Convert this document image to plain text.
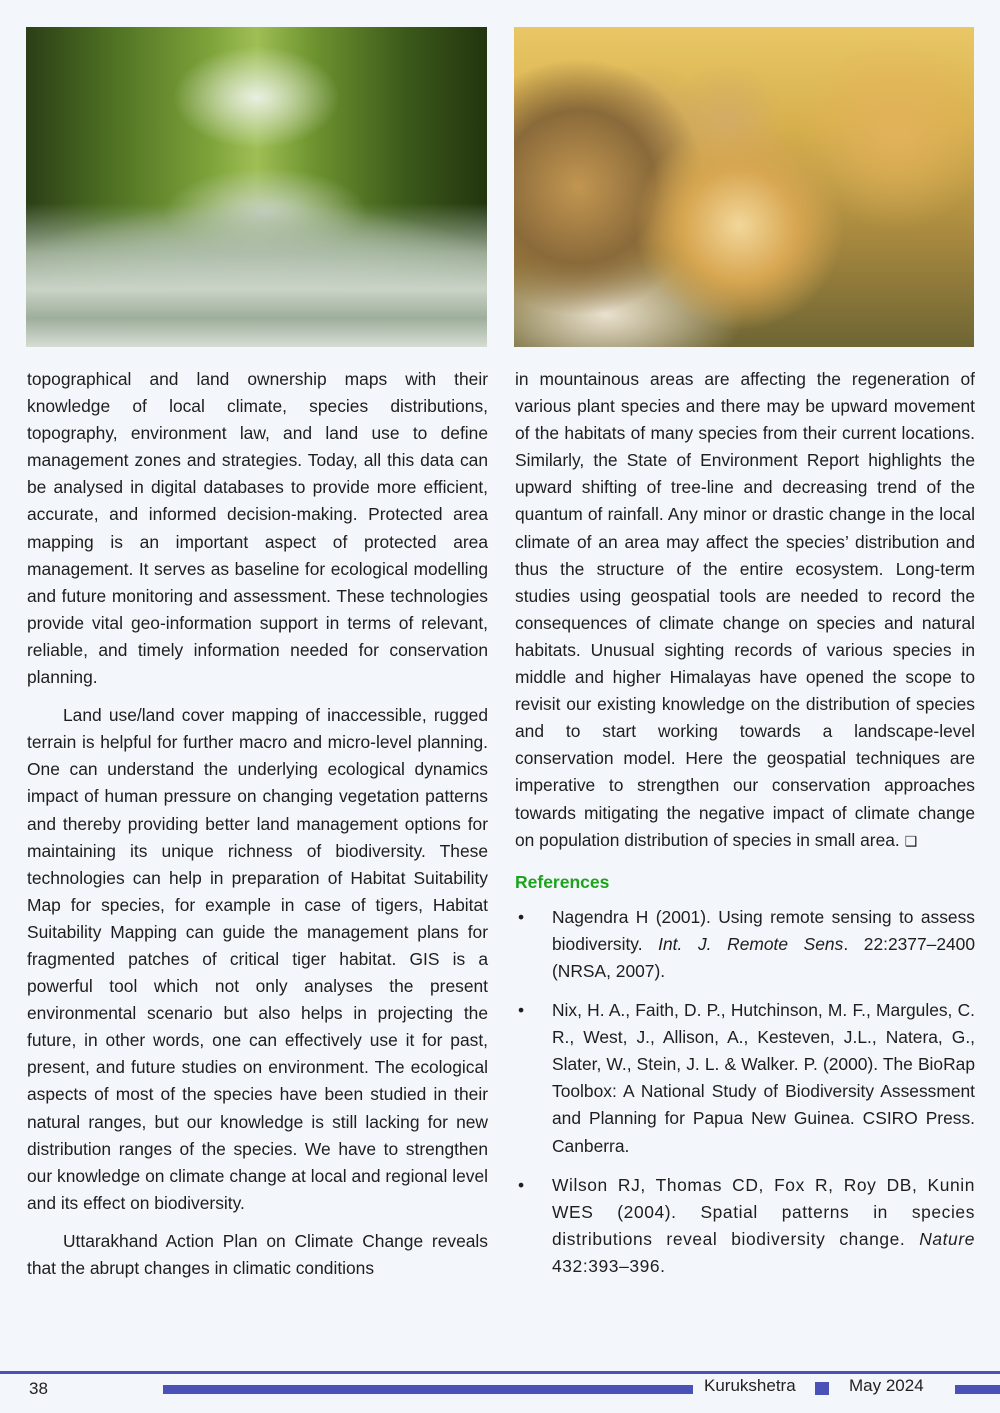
topographical and land ownership maps with their knowledge of local climate, species distributions, topography, environment law, and land use to define management zones and strategies. Today, all this data can be analysed in digital databases to provide more efficient, accurate, and informed decision-making. Protected area mapping is an important aspect of protected area management. It serves as baseline for ecological modelling and future monitoring and assessment. These technologies provide vital geo-information support in terms of relevant, reliable, and timely information needed for conservation planning.

Land use/land cover mapping of inaccessible, rugged terrain is helpful for further macro and micro-level planning. One can understand the underlying ecological dynamics impact of human pressure on changing vegetation patterns and thereby providing better land management options for maintaining its unique richness of biodiversity. These technologies can help in preparation of Habitat Suitability Map for species, for example in case of tigers, Habitat Suitability Mapping can guide the management plans for fragmented patches of critical tiger habitat. GIS is a powerful tool which not only analyses the present environmental scenario but also helps in projecting the future, in other words, one can effectively use it for past, present, and future studies on environment. The ecological aspects of most of the species have been studied in their natural ranges, but our knowledge is still lacking for new distribution ranges of the species. We have to strengthen our knowledge on climate change at local and regional level and its effect on biodiversity.

Uttarakhand Action Plan on Climate Change reveals that the abrupt changes in climatic conditions

in mountainous areas are affecting the regeneration of various plant species and there may be upward movement of the habitats of many species from their current locations. Similarly, the State of Environment Report highlights the upward shifting of tree-line and decreasing trend of the quantum of rainfall. Any minor or drastic change in the local climate of an area may affect the species’ distribution and thus the structure of the entire ecosystem. Long-term studies using geospatial tools are needed to record the consequences of climate change on species and natural habitats. Unusual sighting records of various species in middle and higher Himalayas have opened the scope to revisit our existing knowledge on the distribution of species and to start working towards a landscape-level conservation model. Here the geospatial techniques are imperative to strengthen our conservation approaches towards mitigating the negative impact of climate change on population distribution of species in small area. ❑

References
• Nagendra H (2001). Using remote sensing to assess biodiversity. Int. J. Remote Sens. 22:2377–2400 (NRSA, 2007).
• Nix, H. A., Faith, D. P., Hutchinson, M. F., Margules, C. R., West, J., Allison, A., Kesteven, J.L., Natera, G., Slater, W., Stein, J. L. & Walker. P. (2000). The BioRap Toolbox: A National Study of Biodiversity Assessment and Planning for Papua New Guinea. CSIRO Press. Canberra.
• Wilson RJ, Thomas CD, Fox R, Roy DB, Kunin WES (2004). Spatial patterns in species distributions reveal biodiversity change. Nature 432:393–396.
38	Kurukshetra	May 2024
